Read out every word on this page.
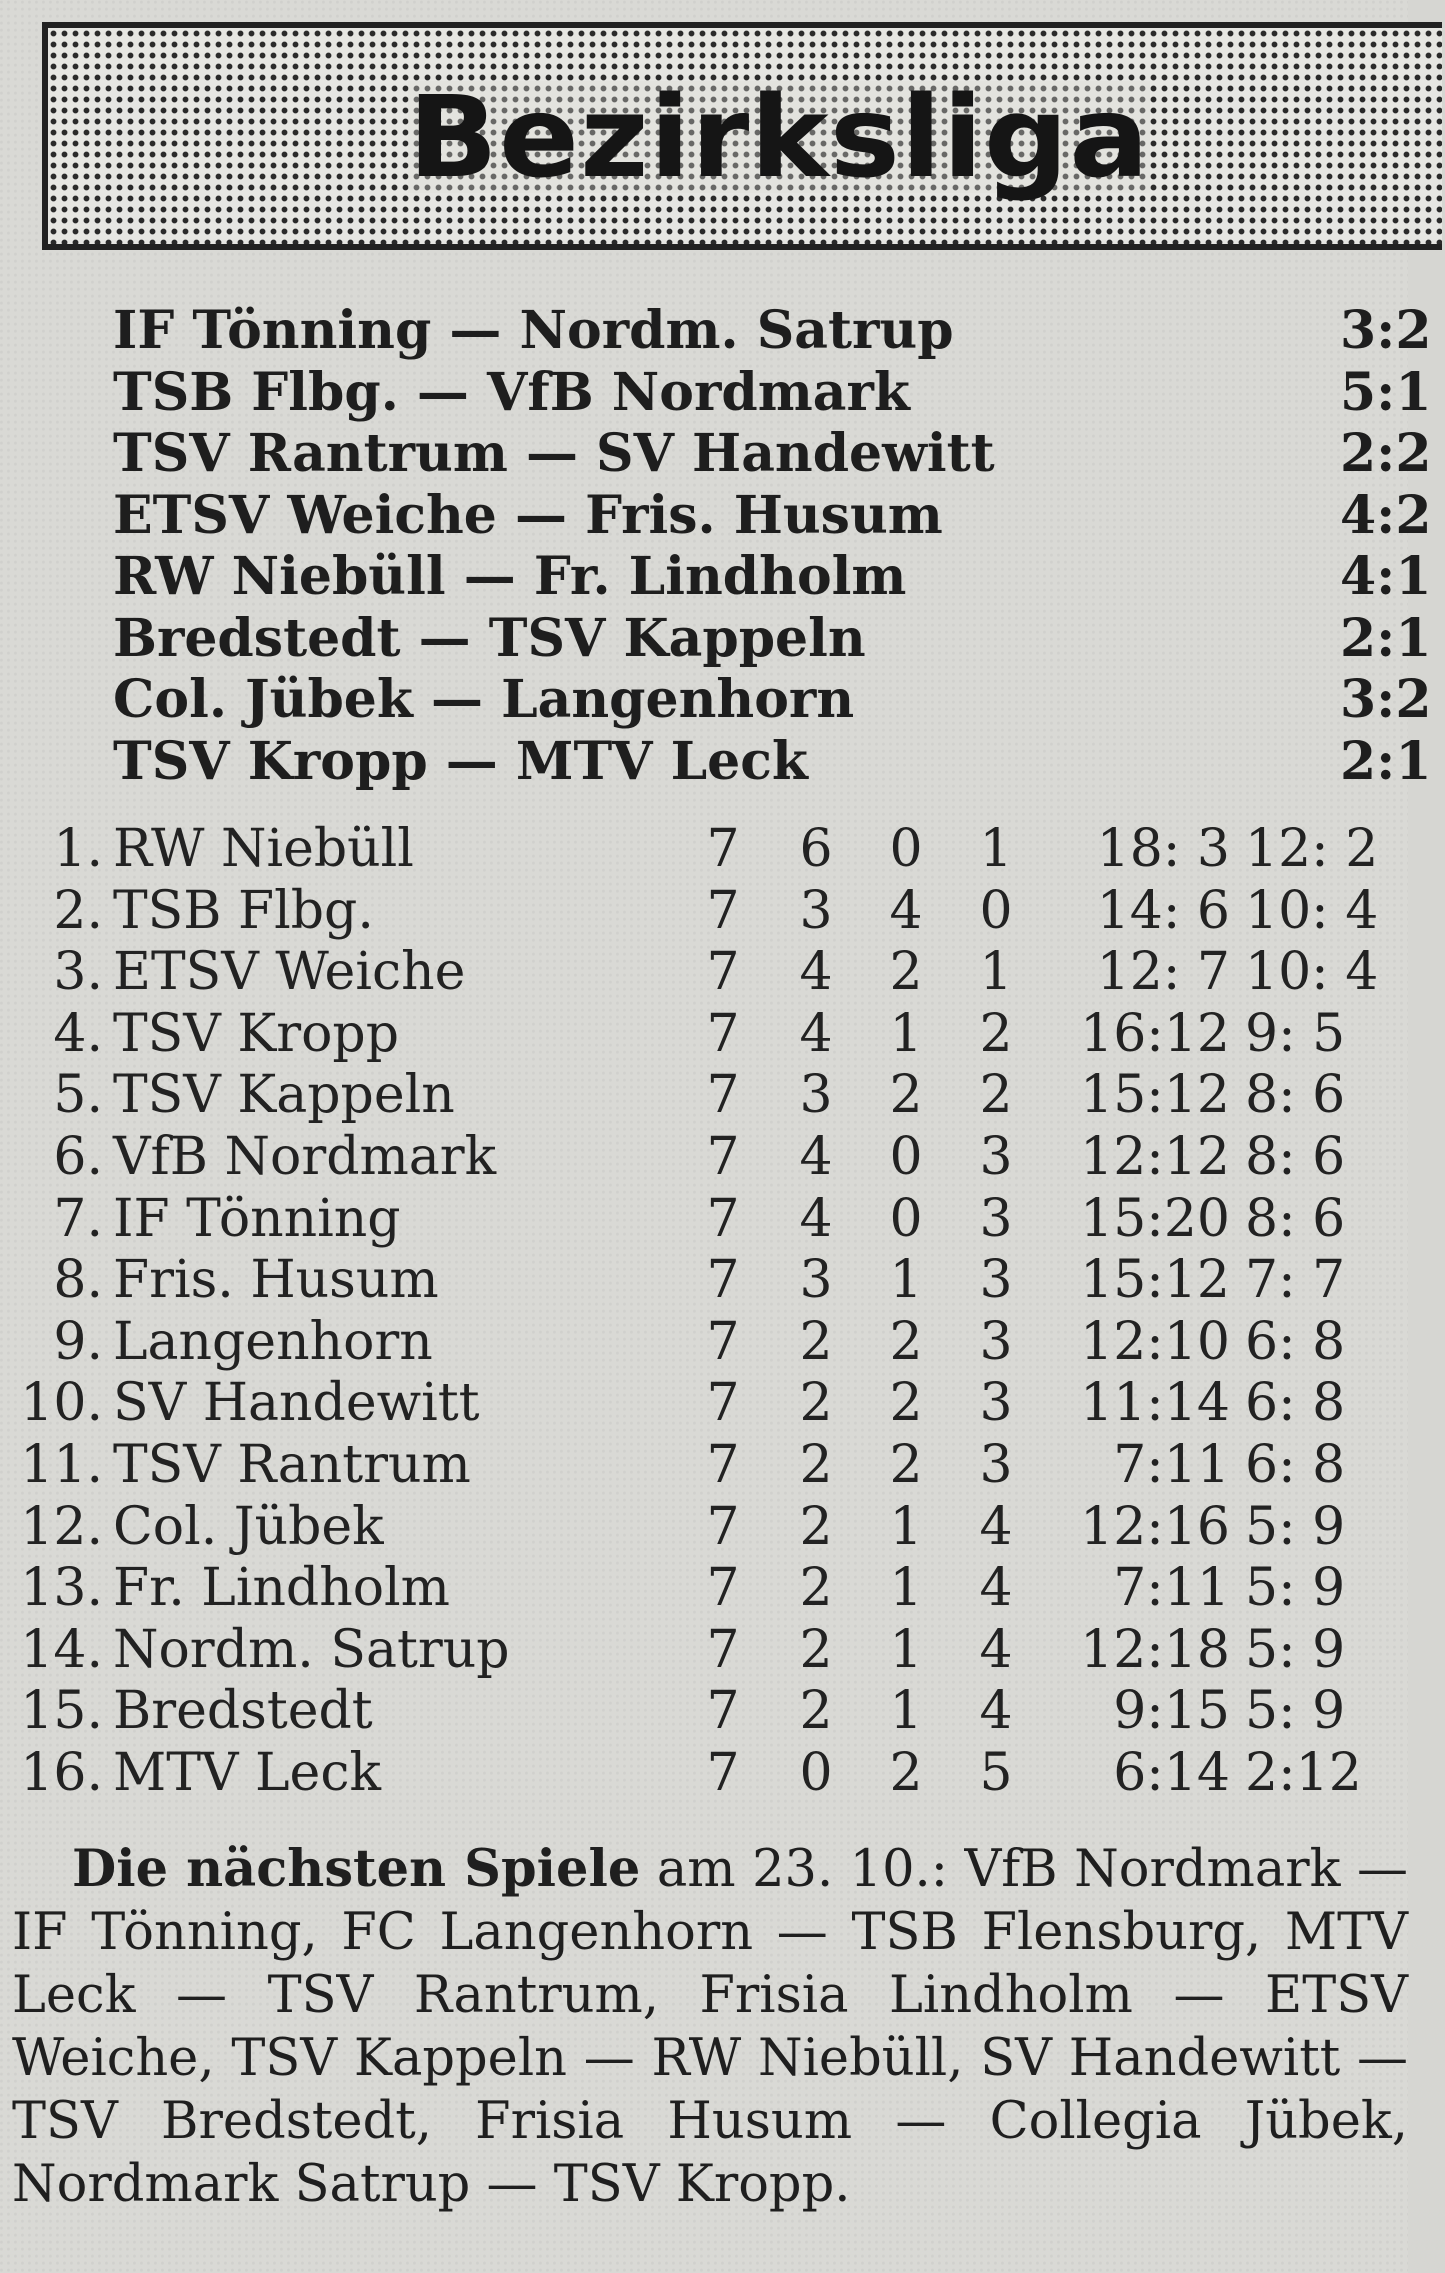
Bezirksliga
IF Tönning — Nordm. Satrup	3:2
TSB Flbg. — VfB Nordmark	5:1
TSV Rantrum — SV Handewitt	2:2
ETSV Weiche — Fris. Husum	4:2
RW Niebüll — Fr. Lindholm	4:1
Bredstedt — TSV Kappeln	2:1
Col. Jübek — Langenhorn	3:2
TSV Kropp — MTV Leck	2:1
1. RW Niebüll	7 6 0 1	18: 3 12: 2
2. TSB Flbg.	7 3 4 0	14: 6 10: 4
3. ETSV Weiche	7 4 2 1	12: 7 10: 4
4. TSV Kropp	7 4 1 2	16:12 9: 5
5. TSV Kappeln	7 3 2 2	15:12 8: 6
6. VfB Nordmark	7 4 0 3	12:12 8: 6
7. IF Tönning	7 4 0 3	15:20 8: 6
8. Fris. Husum	7 3 1 3	15:12 7: 7
9. Langenhorn	7 2 2 3	12:10 6: 8
10. SV Handewitt	7 2 2 3	11:14 6: 8
11. TSV Rantrum	7 2 2 3	7:11 6: 8
12. Col. Jübek	7 2 1 4	12:16 5: 9
13. Fr. Lindholm	7 2 1 4	7:11 5: 9
14. Nordm. Satrup	7 2 1 4	12:18 5: 9
15. Bredstedt	7 2 1 4	9:15 5: 9
16. MTV Leck	7 0 2 5	6:14 2:12
Die nächsten Spiele am 23. 10.: VfB Nordmark — IF Tönning, FC Langenhorn — TSB Flensburg, MTV Leck — TSV Rantrum, Frisia Lindholm — ETSV Weiche, TSV Kappeln — RW Niebüll, SV Handewitt — TSV Bredstedt, Frisia Husum — Collegia Jübek, Nordmark Satrup — TSV Kropp.
